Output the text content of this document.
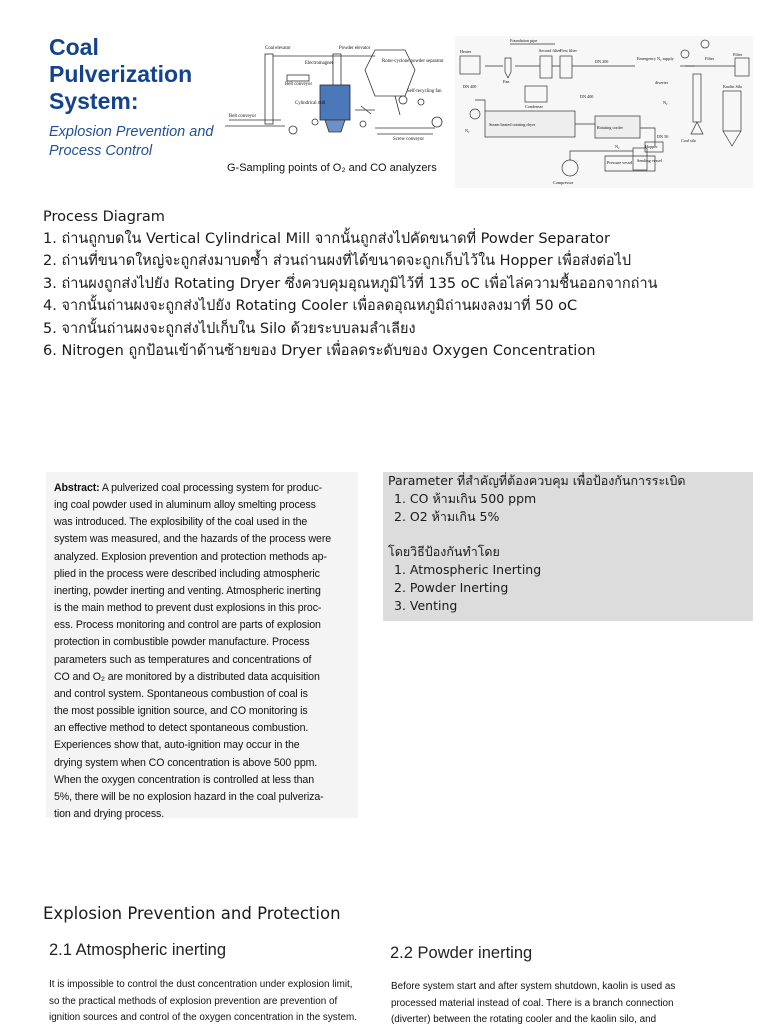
Coal
Pulverization
System:
Explosion Prevention and
Process Control
Coal elevator	Powder elevator
Electromagnet	Rotor-cyclone powder separator
Belt conveyor
Self-recycling fan
Cylindrical mill
Belt conveyor
Screw conveyor
G-Sampling points of O₂ and CO analyzers
Foundation pipe
Heater
Fan
Second filter First filter
DN 200
Emergency N₂ supply	Filter
Filter
DN 400
Condenser
DN 400
diverter
Kaolin Silo
Steam heated rotating dryer
Rotating cooler
Coal silo
DN 50
Hopper
Pressure vessel Sending vessel
Compressor
N₂
N₂
N₂
Process Diagram
1. ถ่านถูกบดใน Vertical Cylindrical Mill จากนั้นถูกส่งไปคัดขนาดที่ Powder Separator
2. ถ่านที่ขนาดใหญ่จะถูกส่งมาบดซ้ำ ส่วนถ่านผงที่ได้ขนาดจะถูกเก็บไว้ใน Hopper เพื่อส่งต่อไป
3. ถ่านผงถูกส่งไปยัง Rotating Dryer ซึ่งควบคุมอุณหภูมิไว้ที่ 135 oC เพื่อไล่ความชื้นออกจากถ่าน
4. จากนั้นถ่านผงจะถูกส่งไปยัง Rotating Cooler เพื่อลดอุณหภูมิถ่านผงลงมาที่ 50 oC
5. จากนั้นถ่านผงจะถูกส่งไปเก็บใน Silo ด้วยระบบลมลำเลียง
6. Nitrogen ถูกป้อนเข้าด้านซ้ายของ Dryer เพื่อลดระดับของ Oxygen Concentration
Abstract: A pulverized coal processing system for produc-
ing coal powder used in aluminum alloy smelting process
was introduced. The explosibility of the coal used in the
system was measured, and the hazards of the process were
analyzed. Explosion prevention and protection methods ap-
plied in the process were described including atmospheric
inerting, powder inerting and venting. Atmospheric inerting
is the main method to prevent dust explosions in this proc-
ess. Process monitoring and control are parts of explosion
protection in combustible powder manufacture. Process
parameters such as temperatures and concentrations of
CO and O₂ are monitored by a distributed data acquisition
and control system. Spontaneous combustion of coal is
the most possible ignition source, and CO monitoring is
an effective method to detect spontaneous combustion.
Experiences show that, auto-ignition may occur in the
drying system when CO concentration is above 500 ppm.
When the oxygen concentration is controlled at less than
5%, there will be no explosion hazard in the coal pulveriza-
tion and drying process.
Parameter ที่สำคัญที่ต้องควบคุม เพื่อป้องกันการระเบิด
1. CO ห้ามเกิน 500 ppm
2. O2 ห้ามเกิน 5%
โดยวิธีป้องกันทำโดย
1. Atmospheric Inerting
2. Powder Inerting
3. Venting
Explosion Prevention and Protection
2.1 Atmospheric inerting	2.2 Powder inerting
It is impossible to control the dust concentration under explosion limit,
so the practical methods of explosion prevention are prevention of
ignition sources and control of the oxygen concentration in the system.
Before system start and after system shutdown, kaolin is used as
processed material instead of coal. There is a branch connection
(diverter) between the rotating cooler and the kaolin silo, and
